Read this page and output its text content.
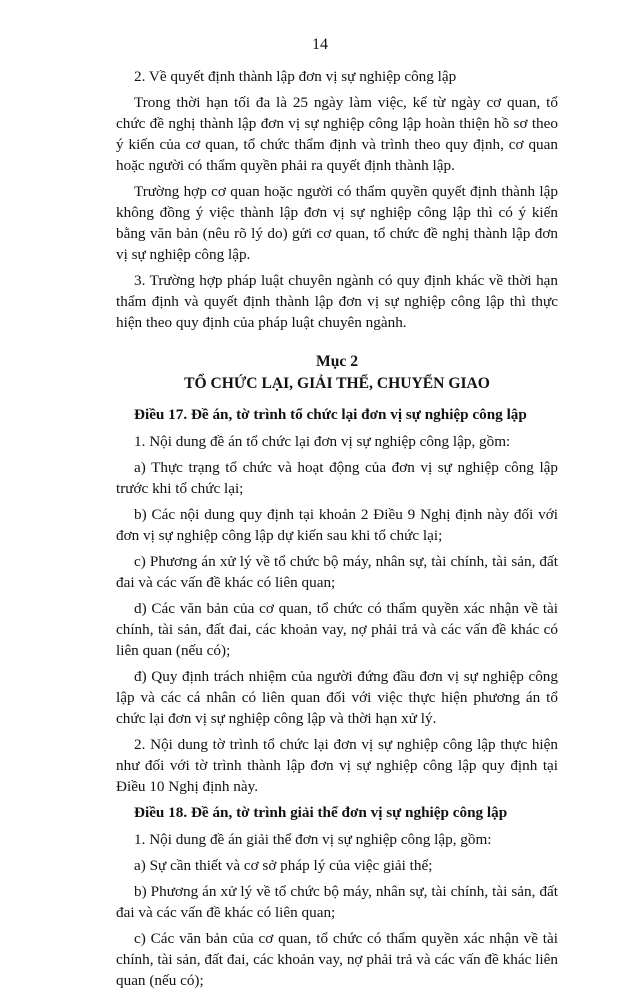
14

2. Về quyết định thành lập đơn vị sự nghiệp công lập

Trong thời hạn tối đa là 25 ngày làm việc, kể từ ngày cơ quan, tổ chức đề nghị thành lập đơn vị sự nghiệp công lập hoàn thiện hồ sơ theo ý kiến của cơ quan, tổ chức thẩm định và trình theo quy định, cơ quan hoặc người có thẩm quyền phải ra quyết định thành lập.

Trường hợp cơ quan hoặc người có thẩm quyền quyết định thành lập không đồng ý việc thành lập đơn vị sự nghiệp công lập thì có ý kiến bằng văn bản (nêu rõ lý do) gửi cơ quan, tổ chức đề nghị thành lập đơn vị sự nghiệp công lập.

3. Trường hợp pháp luật chuyên ngành có quy định khác về thời hạn thẩm định và quyết định thành lập đơn vị sự nghiệp công lập thì thực hiện theo quy định của pháp luật chuyên ngành.

Mục 2
TỔ CHỨC LẠI, GIẢI THỂ, CHUYỂN GIAO

Điều 17. Đề án, tờ trình tổ chức lại đơn vị sự nghiệp công lập

1. Nội dung đề án tổ chức lại đơn vị sự nghiệp công lập, gồm:

a) Thực trạng tổ chức và hoạt động của đơn vị sự nghiệp công lập trước khi tổ chức lại;

b) Các nội dung quy định tại khoản 2 Điều 9 Nghị định này đối với đơn vị sự nghiệp công lập dự kiến sau khi tổ chức lại;

c) Phương án xử lý về tổ chức bộ máy, nhân sự, tài chính, tài sản, đất đai và các vấn đề khác có liên quan;

d) Các văn bản của cơ quan, tổ chức có thẩm quyền xác nhận về tài chính, tài sản, đất đai, các khoản vay, nợ phải trả và các vấn đề khác có liên quan (nếu có);

đ) Quy định trách nhiệm của người đứng đầu đơn vị sự nghiệp công lập và các cá nhân có liên quan đối với việc thực hiện phương án tổ chức lại đơn vị sự nghiệp công lập và thời hạn xử lý.

2. Nội dung tờ trình tổ chức lại đơn vị sự nghiệp công lập thực hiện như đối với tờ trình thành lập đơn vị sự nghiệp công lập quy định tại Điều 10 Nghị định này.

Điều 18. Đề án, tờ trình giải thể đơn vị sự nghiệp công lập

1. Nội dung đề án giải thể đơn vị sự nghiệp công lập, gồm:

a) Sự cần thiết và cơ sở pháp lý của việc giải thể;

b) Phương án xử lý về tổ chức bộ máy, nhân sự, tài chính, tài sản, đất đai và các vấn đề khác có liên quan;

c) Các văn bản của cơ quan, tổ chức có thẩm quyền xác nhận về tài chính, tài sản, đất đai, các khoản vay, nợ phải trả và các vấn đề khác liên quan (nếu có);
